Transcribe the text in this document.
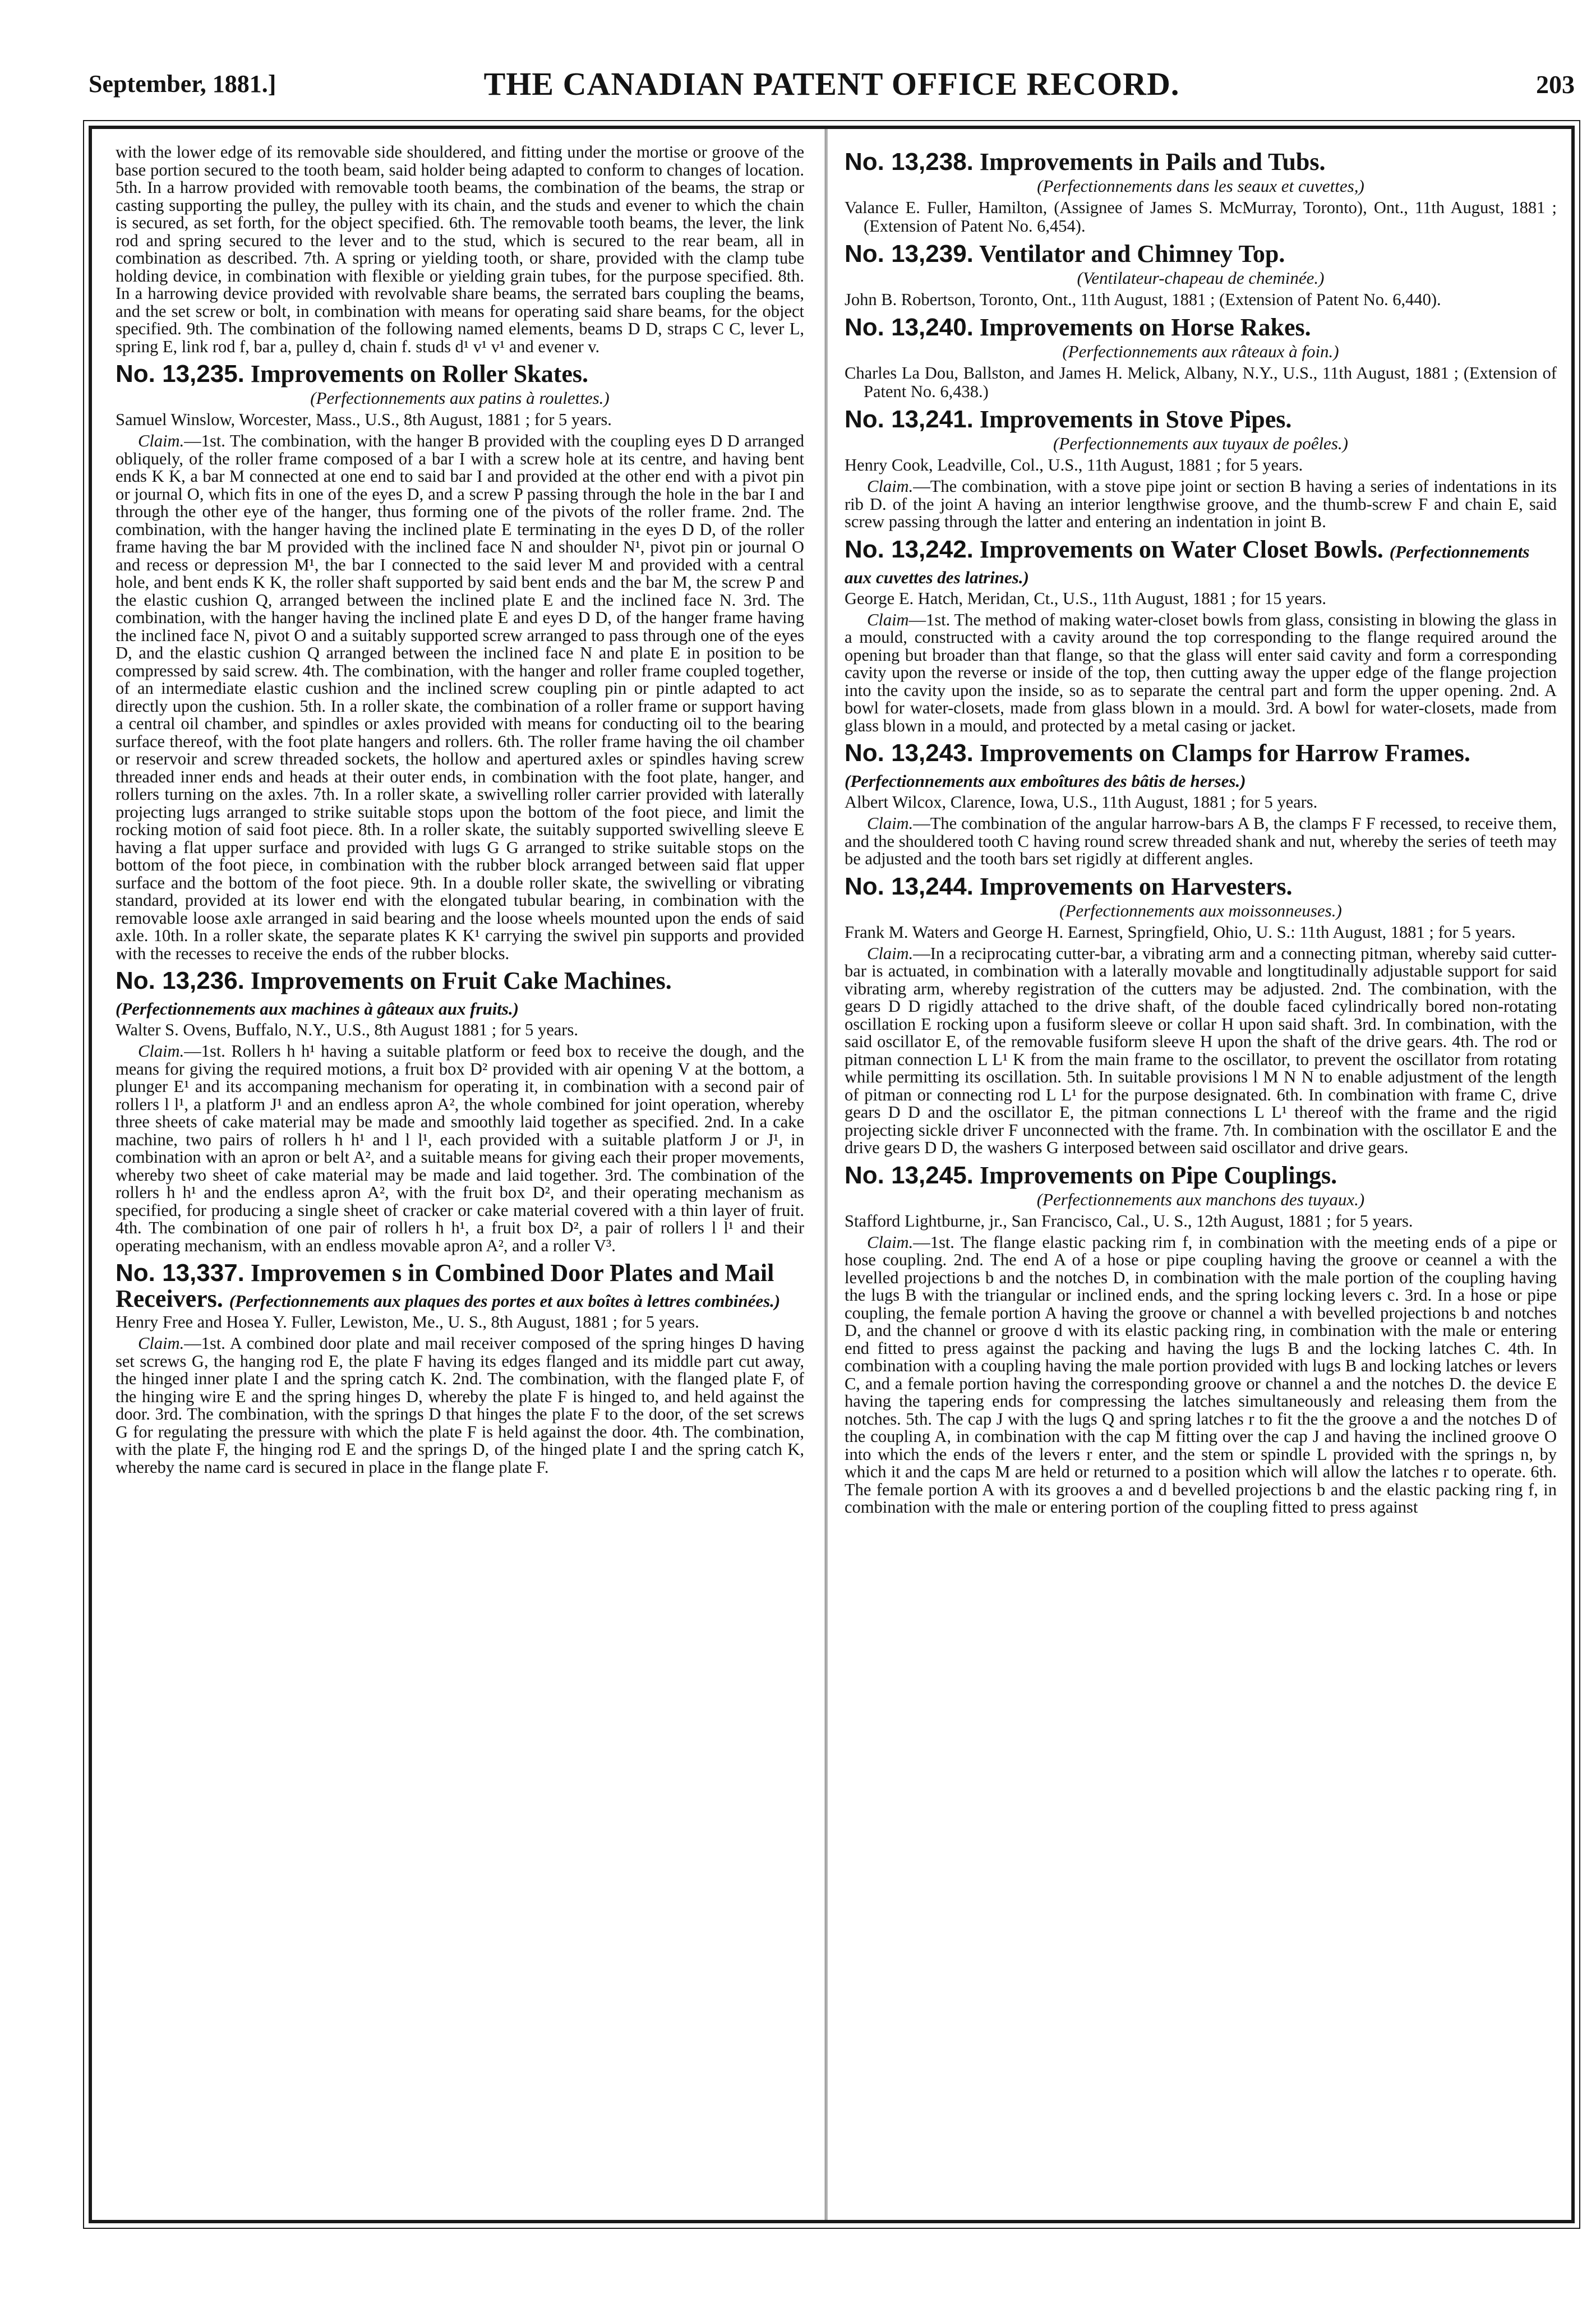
September, 1881.]	THE CANADIAN PATENT OFFICE RECORD.	203

with the lower edge of its removable side shouldered, and fitting under the mortise or groove of the base portion secured to the tooth beam, said holder being adapted to conform to changes of location. 5th. In a harrow provided with removable tooth beams, the combination of the beams, the strap or casting supporting the pulley, the pulley with its chain, and the studs and evener to which the chain is secured, as set forth, for the object specified. 6th. The removable tooth beams, the lever, the link rod and spring secured to the lever and to the stud, which is secured to the rear beam, all in combination as described. 7th. A spring or yielding tooth, or share, provided with the clamp tube holding device, in combination with flexible or yielding grain tubes, for the purpose specified. 8th. In a harrowing device provided with revolvable share beams, the serrated bars coupling the beams, and the set screw or bolt, in combination with means for operating said share beams, for the object specified. 9th. The combination of the following named elements, beams D D, straps C C, lever L, spring E, link rod f, bar a, pulley d, chain f. studs d¹ v¹ v¹ and evener v.

No. 13,235. Improvements on Roller Skates.

(Perfectionnements aux patins à roulettes.)

Samuel Winslow, Worcester, Mass., U.S., 8th August, 1881 ; for 5 years.

Claim.—1st. The combination, with the hanger B provided with the coupling eyes D D arranged obliquely, of the roller frame composed of a bar I with a screw hole at its centre, and having bent ends K K, a bar M connected at one end to said bar I and provided at the other end with a pivot pin or journal O, which fits in one of the eyes D, and a screw P passing through the hole in the bar I and through the other eye of the hanger, thus forming one of the pivots of the roller frame. 2nd. The combination, with the hanger having the inclined plate E terminating in the eyes D D, of the roller frame having the bar M provided with the inclined face N and shoulder N¹, pivot pin or journal O and recess or depression M¹, the bar I connected to the said lever M and provided with a central hole, and bent ends K K, the roller shaft supported by said bent ends and the bar M, the screw P and the elastic cushion Q, arranged between the inclined plate E and the inclined face N. 3rd. The combination, with the hanger having the inclined plate E and eyes D D, of the hanger frame having the inclined face N, pivot O and a suitably supported screw arranged to pass through one of the eyes D, and the elastic cushion Q arranged between the inclined face N and plate E in position to be compressed by said screw. 4th. The combination, with the hanger and roller frame coupled together, of an intermediate elastic cushion and the inclined screw coupling pin or pintle adapted to act directly upon the cushion. 5th. In a roller skate, the combination of a roller frame or support having a central oil chamber, and spindles or axles provided with means for conducting oil to the bearing surface thereof, with the foot plate hangers and rollers. 6th. The roller frame having the oil chamber or reservoir and screw threaded sockets, the hollow and apertured axles or spindles having screw threaded inner ends and heads at their outer ends, in combination with the foot plate, hanger, and rollers turning on the axles. 7th. In a roller skate, a swivelling roller carrier provided with laterally projecting lugs arranged to strike suitable stops upon the bottom of the foot piece, and limit the rocking motion of said foot piece. 8th. In a roller skate, the suitably supported swivelling sleeve E having a flat upper surface and provided with lugs G G arranged to strike suitable stops on the bottom of the foot piece, in combination with the rubber block arranged between said flat upper surface and the bottom of the foot piece. 9th. In a double roller skate, the swivelling or vibrating standard, provided at its lower end with the elongated tubular bearing, in combination with the removable loose axle arranged in said bearing and the loose wheels mounted upon the ends of said axle. 10th. In a roller skate, the separate plates K K¹ carrying the swivel pin supports and provided with the recesses to receive the ends of the rubber blocks.

No. 13,236. Improvements on Fruit Cake Machines. (Perfectionnements aux machines à gâteaux aux fruits.)

Walter S. Ovens, Buffalo, N.Y., U.S., 8th August 1881 ; for 5 years.

Claim.—1st. Rollers h h¹ having a suitable platform or feed box to receive the dough, and the means for giving the required motions, a fruit box D² provided with air opening V at the bottom, a plunger E¹ and its accompaning mechanism for operating it, in combination with a second pair of rollers l l¹, a platform J¹ and an endless apron A², the whole combined for joint operation, whereby three sheets of cake material may be made and smoothly laid together as specified. 2nd. In a cake machine, two pairs of rollers h h¹ and l l¹, each provided with a suitable platform J or J¹, in combination with an apron or belt A², and a suitable means for giving each their proper movements, whereby two sheet of cake material may be made and laid together. 3rd. The combination of the rollers h h¹ and the endless apron A², with the fruit box D², and their operating mechanism as specified, for producing a single sheet of cracker or cake material covered with a thin layer of fruit. 4th. The combination of one pair of rollers h h¹, a fruit box D², a pair of rollers l l¹ and their operating mechanism, with an endless movable apron A², and a roller V³.

No. 13,337. Improvemen s in Combined Door Plates and Mail Receivers. (Perfectionnements aux plaques des portes et aux boîtes à lettres combinées.)

Henry Free and Hosea Y. Fuller, Lewiston, Me., U. S., 8th August, 1881 ; for 5 years.

Claim.—1st. A combined door plate and mail receiver composed of the spring hinges D having set screws G, the hanging rod E, the plate F having its edges flanged and its middle part cut away, the hinged inner plate I and the spring catch K. 2nd. The combination, with the flanged plate F, of the hinging wire E and the spring hinges D, whereby the plate F is hinged to, and held against the door. 3rd. The combination, with the springs D that hinges the plate F to the door, of the set screws G for regulating the pressure with which the plate F is held against the door. 4th. The combination, with the plate F, the hinging rod E and the springs D, of the hinged plate I and the spring catch K, whereby the name card is secured in place in the flange plate F.

No. 13,238. Improvements in Pails and Tubs.

(Perfectionnements dans les seaux et cuvettes,)

Valance E. Fuller, Hamilton, (Assignee of James S. McMurray, Toronto), Ont., 11th August, 1881 ; (Extension of Patent No. 6,454).

No. 13,239. Ventilator and Chimney Top.

(Ventilateur-chapeau de cheminée.)

John B. Robertson, Toronto, Ont., 11th August, 1881 ; (Extension of Patent No. 6,440).

No. 13,240. Improvements on Horse Rakes.

(Perfectionnements aux râteaux à foin.)

Charles La Dou, Ballston, and James H. Melick, Albany, N.Y., U.S., 11th August, 1881 ; (Extension of Patent No. 6,438.)

No. 13,241. Improvements in Stove Pipes.

(Perfectionnements aux tuyaux de poêles.)

Henry Cook, Leadville, Col., U.S., 11th August, 1881 ; for 5 years.

Claim.—The combination, with a stove pipe joint or section B having a series of indentations in its rib D. of the joint A having an interior lengthwise groove, and the thumb-screw F and chain E, said screw passing through the latter and entering an indentation in joint B.

No. 13,242. Improvements on Water Closet Bowls. (Perfectionnements aux cuvettes des latrines.)

George E. Hatch, Meridan, Ct., U.S., 11th August, 1881 ; for 15 years.

Claim—1st. The method of making water-closet bowls from glass, consisting in blowing the glass in a mould, constructed with a cavity around the top corresponding to the flange required around the opening but broader than that flange, so that the glass will enter said cavity and form a corresponding cavity upon the reverse or inside of the top, then cutting away the upper edge of the flange projection into the cavity upon the inside, so as to separate the central part and form the upper opening. 2nd. A bowl for water-closets, made from glass blown in a mould. 3rd. A bowl for water-closets, made from glass blown in a mould, and protected by a metal casing or jacket.

No. 13,243. Improvements on Clamps for Harrow Frames. (Perfectionnements aux emboîtures des bâtis de herses.)

Albert Wilcox, Clarence, Iowa, U.S., 11th August, 1881 ; for 5 years.

Claim.—The combination of the angular harrow-bars A B, the clamps F F recessed, to receive them, and the shouldered tooth C having round screw threaded shank and nut, whereby the series of teeth may be adjusted and the tooth bars set rigidly at different angles.

No. 13,244. Improvements on Harvesters.

(Perfectionnements aux moissonneuses.)

Frank M. Waters and George H. Earnest, Springfield, Ohio, U. S.: 11th August, 1881 ; for 5 years.

Claim.—In a reciprocating cutter-bar, a vibrating arm and a connecting pitman, whereby said cutter-bar is actuated, in combination with a laterally movable and longtitudinally adjustable support for said vibrating arm, whereby registration of the cutters may be adjusted. 2nd. The combination, with the gears D D rigidly attached to the drive shaft, of the double faced cylindrically bored non-rotating oscillation E rocking upon a fusiform sleeve or collar H upon said shaft. 3rd. In combination, with the said oscillator E, of the removable fusiform sleeve H upon the shaft of the drive gears. 4th. The rod or pitman connection L L¹ K from the main frame to the oscillator, to prevent the oscillator from rotating while permitting its oscillation. 5th. In suitable provisions l M N N to enable adjustment of the length of pitman or connecting rod L L¹ for the purpose designated. 6th. In combination with frame C, drive gears D D and the oscillator E, the pitman connections L L¹ thereof with the frame and the rigid projecting sickle driver F unconnected with the frame. 7th. In combination with the oscillator E and the drive gears D D, the washers G interposed between said oscillator and drive gears.

No. 13,245. Improvements on Pipe Couplings.

(Perfectionnements aux manchons des tuyaux.)

Stafford Lightburne, jr., San Francisco, Cal., U. S., 12th August, 1881 ; for 5 years.

Claim.—1st. The flange elastic packing rim f, in combination with the meeting ends of a pipe or hose coupling. 2nd. The end A of a hose or pipe coupling having the groove or ceannel a with the levelled projections b and the notches D, in combination with the male portion of the coupling having the lugs B with the triangular or inclined ends, and the spring locking levers c. 3rd. In a hose or pipe coupling, the female portion A having the groove or channel a with bevelled projections b and notches D, and the channel or groove d with its elastic packing ring, in combination with the male or entering end fitted to press against the packing and having the lugs B and the locking latches C. 4th. In combination with a coupling having the male portion provided with lugs B and locking latches or levers C, and a female portion having the corresponding groove or channel a and the notches D. the device E having the tapering ends for compressing the latches simultaneously and releasing them from the notches. 5th. The cap J with the lugs Q and spring latches r to fit the the groove a and the notches D of the coupling A, in combination with the cap M fitting over the cap J and having the inclined groove O into which the ends of the levers r enter, and the stem or spindle L provided with the springs n, by which it and the caps M are held or returned to a position which will allow the latches r to operate. 6th. The female portion A with its grooves a and d bevelled projections b and the elastic packing ring f, in combination with the male or entering portion of the coupling fitted to press against
